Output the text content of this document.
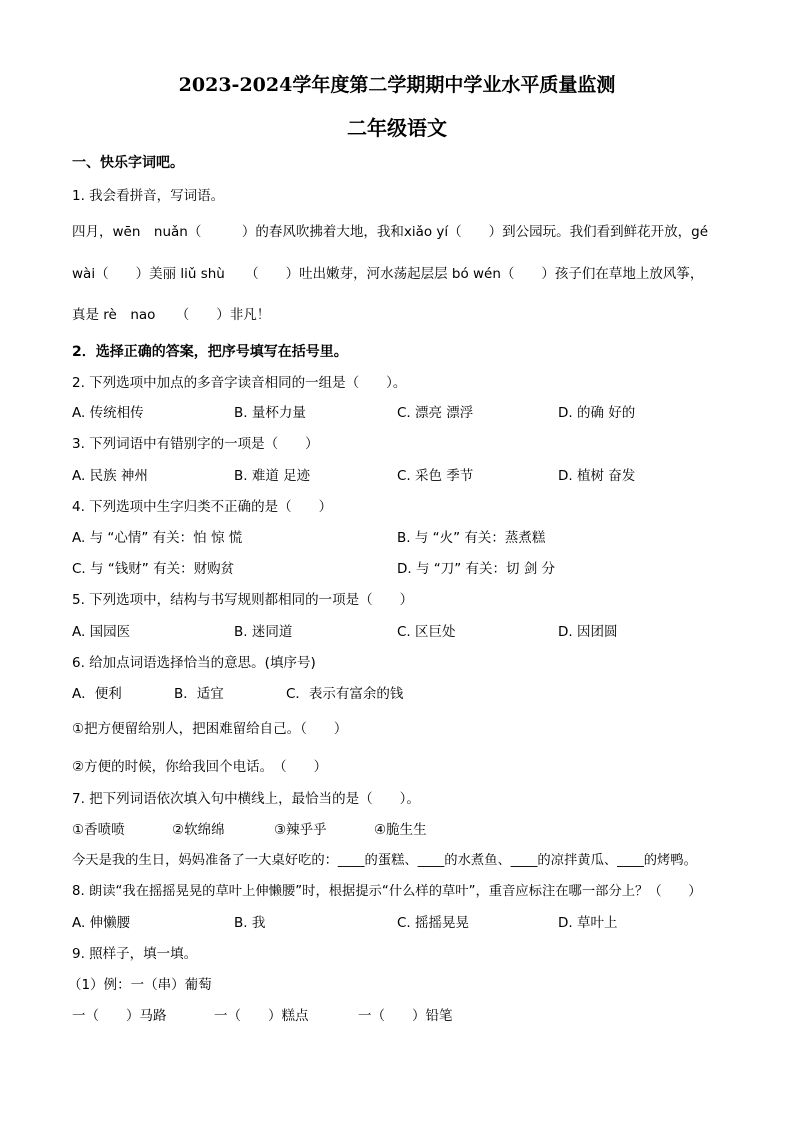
2023-2024学年度第二学期期中学业水平质量监测
二年级语文
一、快乐字词吧。
1. 我会看拼音，写词语。
四月，wēn　nuǎn（　　　）的春风吹拂着大地，我和xiǎo yí（　　）到公园玩。我们看到鲜花开放，gé
wài（　　）美丽 liǔ shù　　（　　）吐出嫩芽，河水荡起层层 bó wén（　　）孩子们在草地上放风筝，
真是 rè　nao　　（　　）非凡！
2．选择正确的答案，把序号填写在括号里。
2. 下列选项中加点的多音字读音相同的一组是（　　）。
A. 传统相传	B. 量杯力量	C. 漂亮 漂浮	D. 的确 好的
3. 下列词语中有错别字的一项是（　　）
A. 民族 神州	B. 难道 足迹	C. 采色 季节	D. 植树 奋发
4. 下列选项中生字归类不正确的是（　　）
A. 与 “心情” 有关：怕 惊 慌	B. 与 “火” 有关：蒸煮糕
C. 与 “钱财” 有关：财购贫	D. 与 “刀” 有关：切 剑 分
5. 下列选项中，结构与书写规则都相同的一项是（　　）
A. 国园医	B. 迷同道	C. 区巨处	D. 因团圆
6. 给加点词语选择恰当的意思。(填序号)
A．便利	B．适宜	C．表示有富余的钱
①把方便留给别人，把困难留给自己。（　　）
②方便的时候，你给我回个电话。　（　　）
7. 把下列词语依次填入句中横线上，最恰当的是（　　）。
①香喷喷	②软绵绵	③辣乎乎	④脆生生
今天是我的生日，妈妈准备了一大桌好吃的：____的蛋糕、____的水煮鱼、____的凉拌黄瓜、____的烤鸭。
8. 朗读“我在摇摇晃晃的草叶上伸懒腰”时，根据提示“什么样的草叶”，重音应标注在哪一部分上？（　　）
A. 伸懒腰	B. 我	C. 摇摇晃晃	D. 草叶上
9. 照样子，填一填。
（1）例：一（串）葡萄
一（　　）马路	一（　　）糕点	一（　　）铅笔
